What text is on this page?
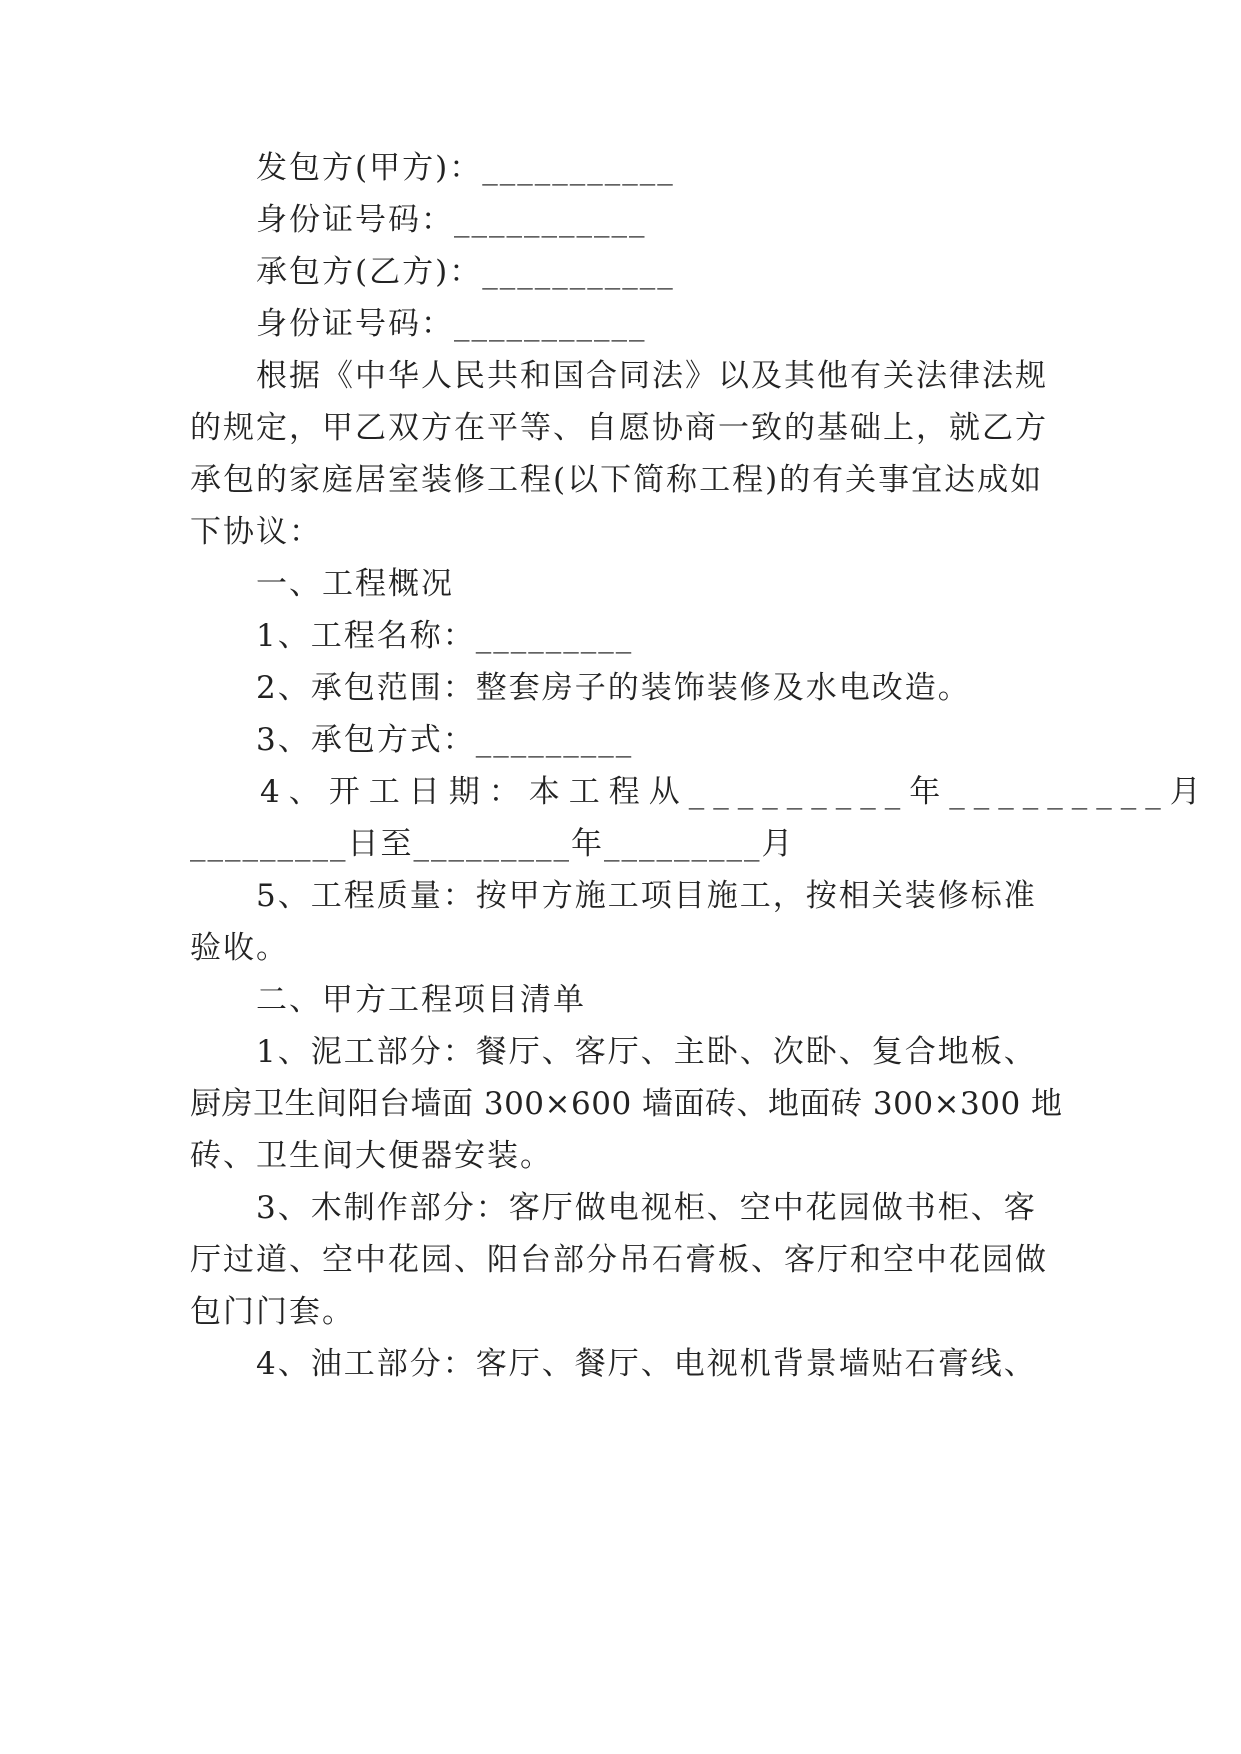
发包方(甲方)：___________
身份证号码：___________
承包方(乙方)：___________
身份证号码：___________
根据《中华人民共和国合同法》以及其他有关法律法规
的规定，甲乙双方在平等、自愿协商一致的基础上，就乙方
承包的家庭居室装修工程(以下简称工程)的有关事宜达成如
下协议：
一、工程概况
1、工程名称：_________
2、承包范围：整套房子的装饰装修及水电改造。
3、承包方式：_________
4、开工日期：本工程从_________年_________月
_________日至_________年_________月
5、工程质量：按甲方施工项目施工，按相关装修标准
验收。
二、甲方工程项目清单
1、泥工部分：餐厅、客厅、主卧、次卧、复合地板、
厨房卫生间阳台墙面 300×600 墙面砖、地面砖 300×300 地
砖、卫生间大便器安装。
3、木制作部分：客厅做电视柜、空中花园做书柜、客
厅过道、空中花园、阳台部分吊石膏板、客厅和空中花园做
包门门套。
4、油工部分：客厅、餐厅、电视机背景墙贴石膏线、
